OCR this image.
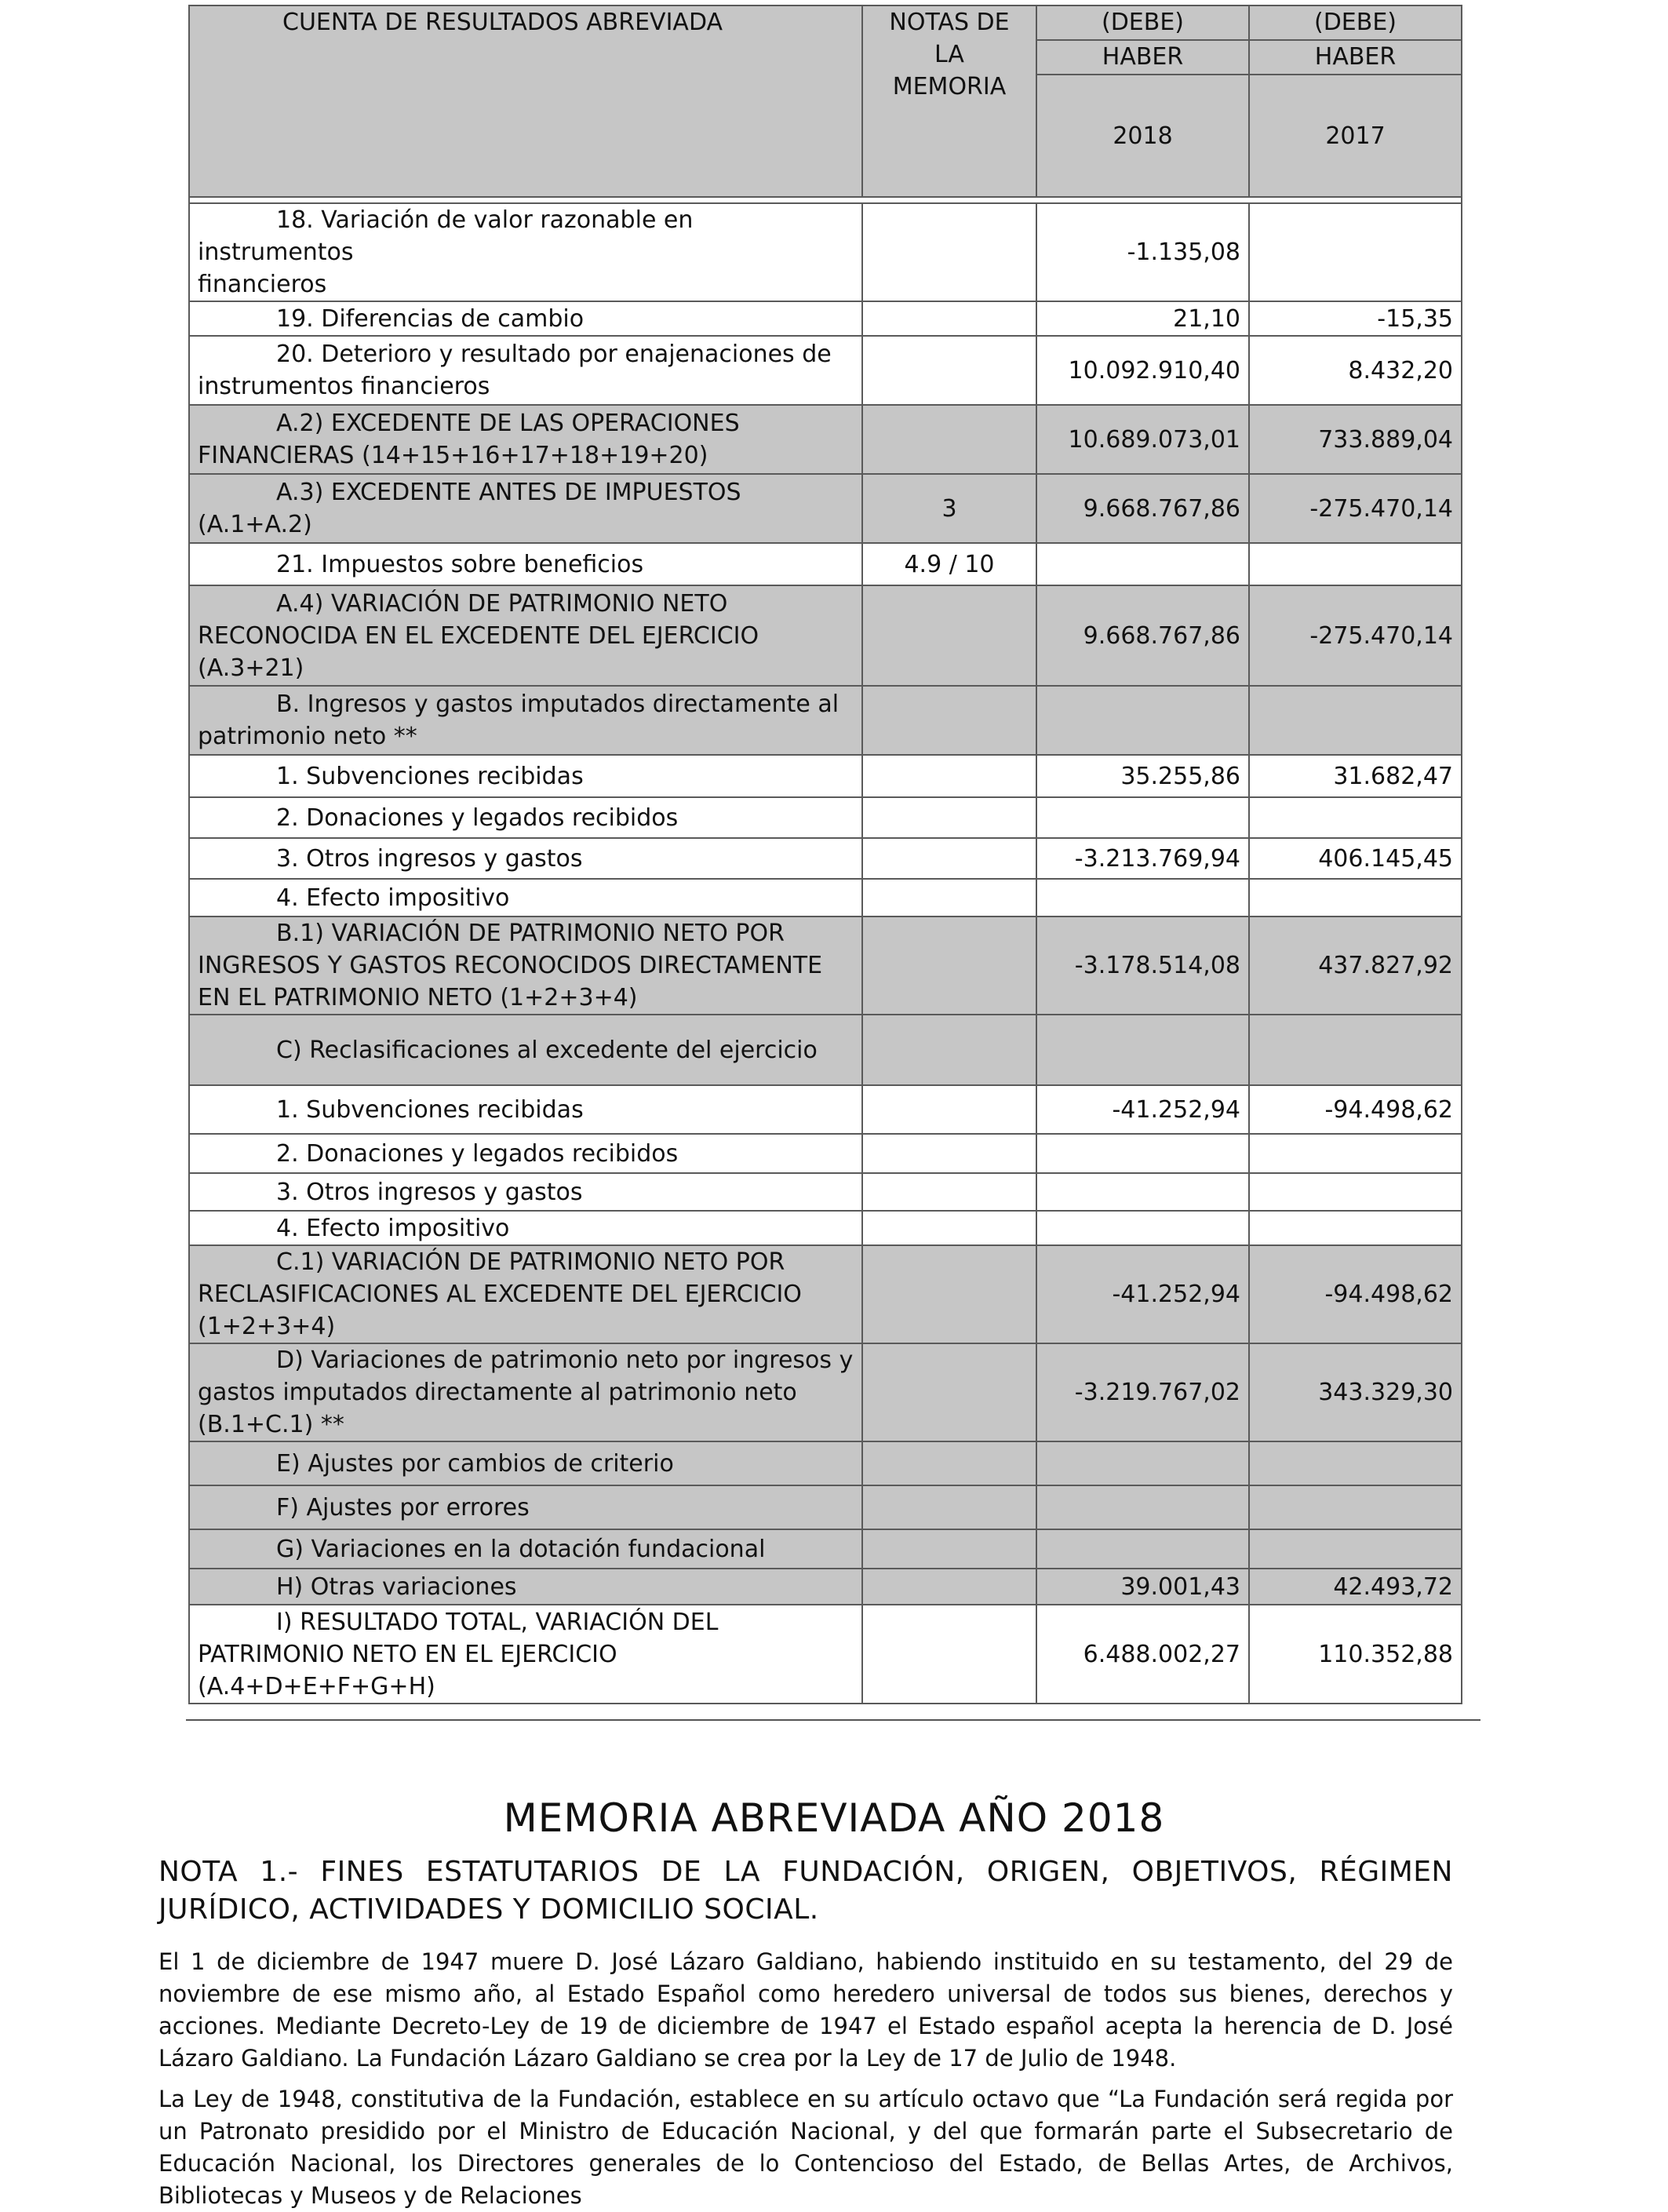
CUENTA DE RESULTADOS ABREVIADA	NOTAS DE
LA
MEMORIA	(DEBE)	(DEBE)
		HABER	HABER
		2018	2017

18. Variación de valor razonable en instrumentos
financieros		-1.135,08	

19. Diferencias de cambio		21,10	-15,35

20. Deterioro y resultado por enajenaciones de
instrumentos financieros		10.092.910,40	8.432,20

A.2) EXCEDENTE DE LAS OPERACIONES
FINANCIERAS (14+15+16+17+18+19+20)		10.689.073,01	733.889,04

A.3) EXCEDENTE ANTES DE IMPUESTOS
(A.1+A.2)	3	9.668.767,86	-275.470,14

21. Impuestos sobre beneficios	4.9 / 10		

A.4) VARIACIÓN DE PATRIMONIO NETO
RECONOCIDA EN EL EXCEDENTE DEL EJERCICIO
(A.3+21)		9.668.767,86	-275.470,14

B. Ingresos y gastos imputados directamente al
patrimonio neto **			

1. Subvenciones recibidas		35.255,86	31.682,47

2. Donaciones y legados recibidos			

3. Otros ingresos y gastos		-3.213.769,94	406.145,45

4. Efecto impositivo			

B.1) VARIACIÓN DE PATRIMONIO NETO POR
INGRESOS Y GASTOS RECONOCIDOS DIRECTAMENTE
EN EL PATRIMONIO NETO (1+2+3+4)		-3.178.514,08	437.827,92

C) Reclasificaciones al excedente del ejercicio			

1. Subvenciones recibidas		-41.252,94	-94.498,62

2. Donaciones y legados recibidos			

3. Otros ingresos y gastos			

4. Efecto impositivo			

C.1) VARIACIÓN DE PATRIMONIO NETO POR
RECLASIFICACIONES AL EXCEDENTE DEL EJERCICIO
(1+2+3+4)		-41.252,94	-94.498,62

D) Variaciones de patrimonio neto por ingresos y
gastos imputados directamente al patrimonio neto
(B.1+C.1) **		-3.219.767,02	343.329,30

E) Ajustes por cambios de criterio			

F) Ajustes por errores			

G) Variaciones en la dotación fundacional			

H) Otras variaciones		39.001,43	42.493,72

I) RESULTADO TOTAL, VARIACIÓN DEL
PATRIMONIO NETO EN EL EJERCICIO
(A.4+D+E+F+G+H)		6.488.002,27	110.352,88
MEMORIA ABREVIADA AÑO 2018
NOTA 1.- FINES ESTATUTARIOS DE LA FUNDACIÓN, ORIGEN, OBJETIVOS, RÉGIMEN JURÍDICO, ACTIVIDADES Y DOMICILIO SOCIAL.

El 1 de diciembre de 1947 muere D. José Lázaro Galdiano, habiendo instituido en su testamento, del 29 de noviembre de ese mismo año, al Estado Español como heredero universal de todos sus bienes, derechos y acciones. Mediante Decreto-Ley de 19 de diciembre de 1947 el Estado español acepta la herencia de D. José Lázaro Galdiano. La Fundación Lázaro Galdiano se crea por la Ley de 17 de Julio de 1948.

La Ley de 1948, constitutiva de la Fundación, establece en su artículo octavo que “La Fundación será regida por un Patronato presidido por el Ministro de Educación Nacional, y del que formarán parte el Subsecretario de Educación Nacional, los Directores generales de lo Contencioso del Estado, de Bellas Artes, de Archivos, Bibliotecas y Museos y de Relaciones
